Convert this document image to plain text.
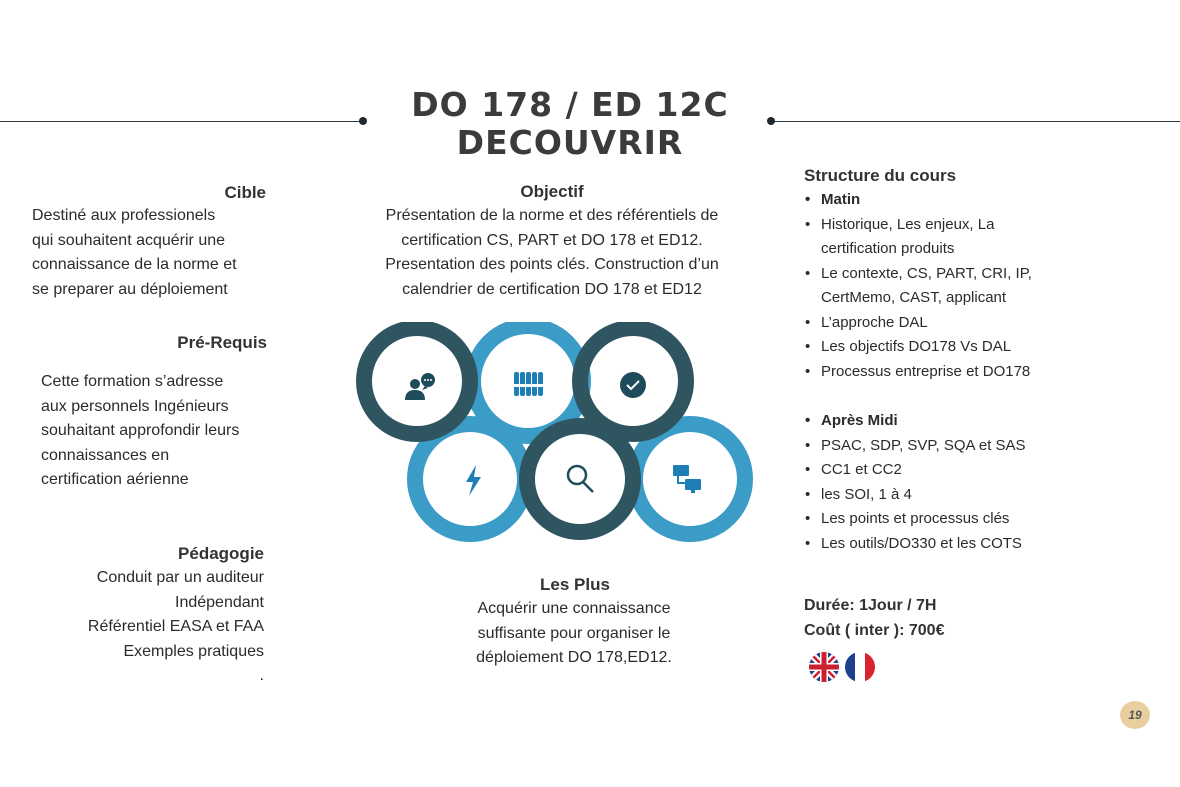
DO 178 / ED 12C
DECOUVRIR
Cible
Destiné aux professionels
qui souhaitent acquérir une
connaissance de la norme et
se preparer au déploiement
Pré-Requis
Cette formation s’adresse
aux personnels Ingénieurs
souhaitant approfondir leurs
connaissances en
certification aérienne
Pédagogie
Conduit par un auditeur
Indépendant
Référentiel EASA et FAA
Exemples pratiques
.
Objectif
Présentation de la norme et des référentiels de
certification CS, PART et DO 178 et ED12.
Presentation des points clés. Construction d’un
calendrier de certification DO 178 et ED12
Les Plus
Acquérir une connaissance
suffisante pour organiser le
déploiement DO 178,ED12.
Structure du cours
• Matin
• Historique, Les enjeux, La certification produits
• Le contexte, CS, PART, CRI, IP, CertMemo, CAST, applicant
• L’approche DAL
• Les objectifs DO178 Vs DAL
• Processus entreprise et DO178
• Après Midi
• PSAC, SDP, SVP, SQA et SAS
• CC1 et CC2
• les SOI, 1 à 4
• Les points et processus clés
• Les outils/DO330 et les COTS
Durée: 1Jour / 7H
Coût ( inter ): 700€
19
